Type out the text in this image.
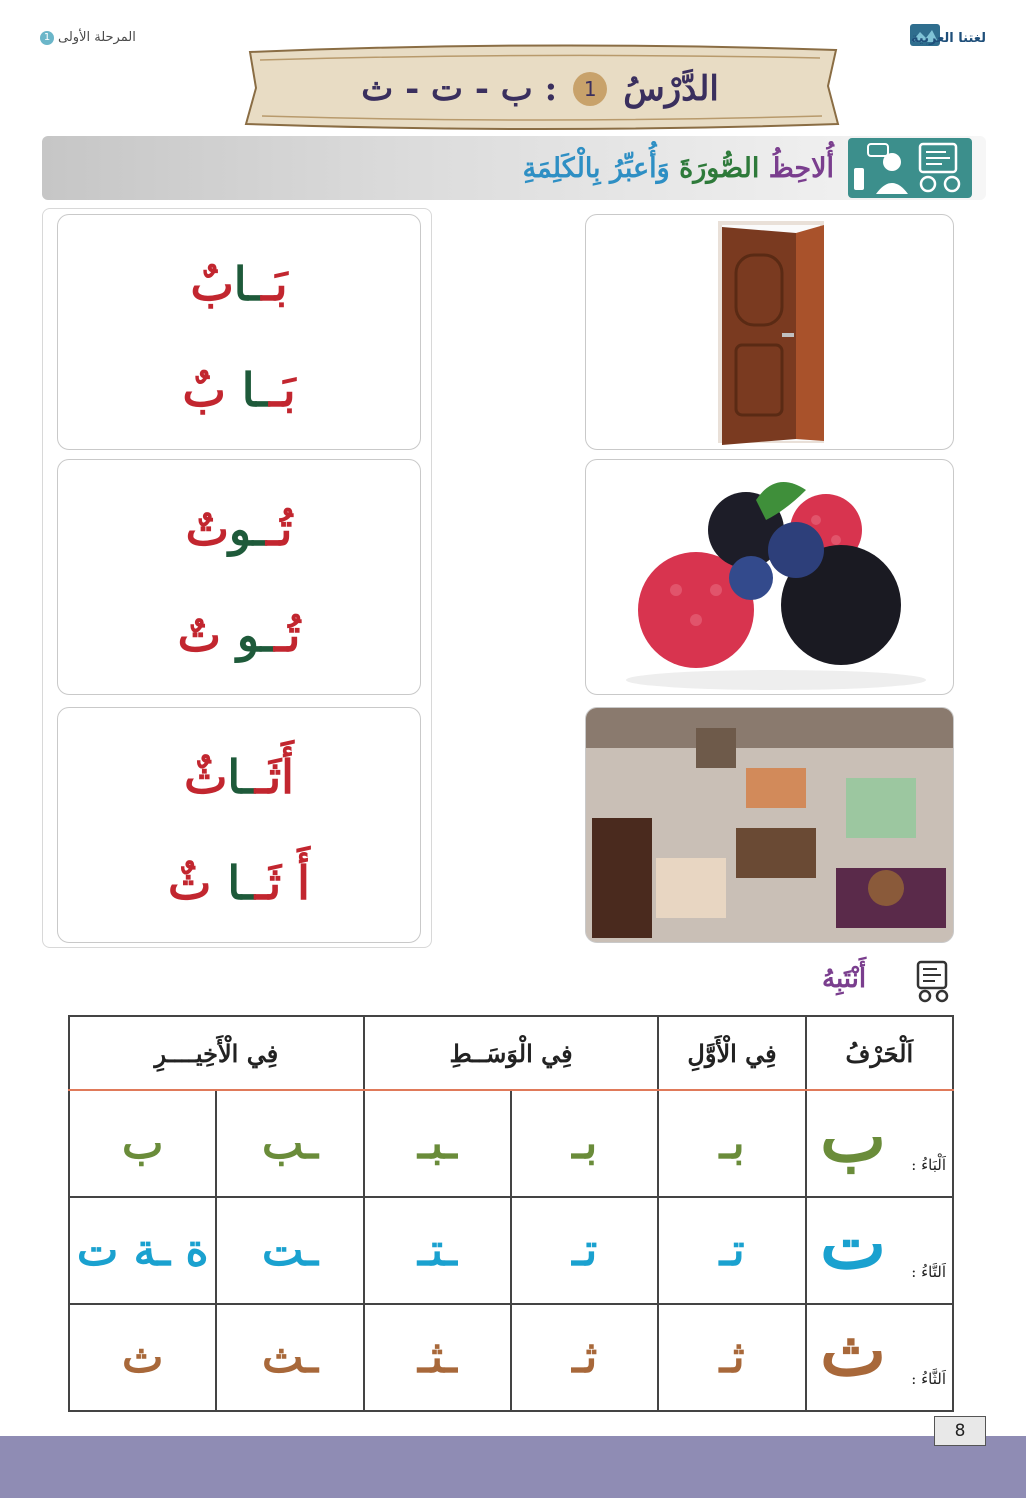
لغتنا العربية
المرحلة الأولى
1
الدَّرْسُ
1
: ب - ت - ث
أُلاحِظُ الصُّورَةَ وَأُعبِّرُ بِالْكَلِمَةِ
بَــابٌ
بَــا بٌ
تُــوتٌ
تُــو تٌ
أَثَــاثٌ
أَ ثَــا ثٌ
أَنْتَبِهُ
اَلْحَرْفُ	فِي الْأَوَّلِ	فِي الْوَسَــطِ		فِي الْأَخِيــــرِ	

ب اَلْبَاءُ :	بـ	بـ	ـبـ	ـب	ب

ت اَلتَّاءُ :	تـ	تـ	ـتـ	ـت	ة ـة ت

ث اَلثَّاءُ :	ثـ	ثـ	ـثـ	ـث	ث
8
